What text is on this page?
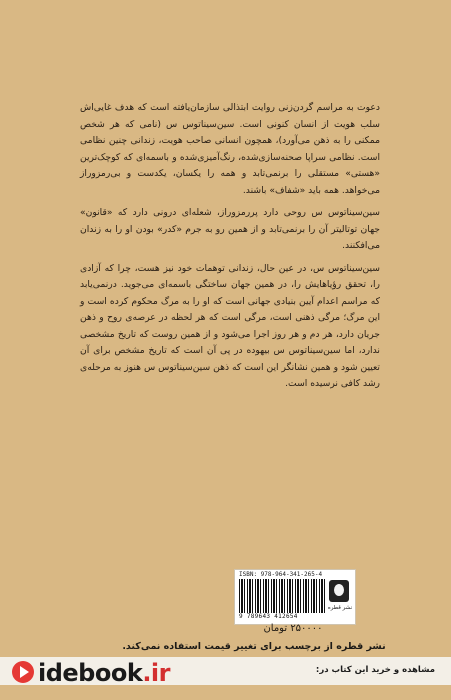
دعوت به مراسم گردن‌زنی روایت ابتذالی سازمان‌یافته است که هدف غایی‌اش سلب هویت از انسان کنونی است. سین‌سیناتوس س (نامی که هر شخص ممکنی را به ذهن می‌آورد)، همچون انسانی صاحب هویت، زندانی چنین نظامی است. نظامی سراپا صحنه‌سازی‌شده، رنگ‌آمیزی‌شده و باسمه‌ای که کوچک‌ترین «هستی» مستقلی را برنمی‌تابد و همه را یکسان، یکدست و بی‌رمزوراز می‌خواهد. همه باید «شفاف» باشند.

سین‌سیناتوس س روحی دارد پررمزوراز، شعله‌ای درونی دارد که «قانون» جهان توتالیتر آن را برنمی‌تابد و از همین رو به جرم «کدر» بودن او را به زندان می‌افکنند.

سین‌سیناتوس س، در عین حال، زندانی توهمات خود نیز هست، چرا که آزادی را، تحقق رؤیاهایش را، در همین جهان ساختگی باسمه‌ای می‌جوید. درنمی‌یابد که مراسم اعدام آیین بنیادی جهانی است که او را به مرگ محکوم کرده است و این مرگ؛ مرگی ذهنی است، مرگی است که هر لحظه در عرصه‌ی روح و ذهن جریان دارد، هر دم و هر روز اجرا می‌شود و از همین روست که تاریخ مشخصی ندارد، اما سین‌سیناتوس س بیهوده در پی آن است که تاریخ مشخص برای آن تعیین شود و همین نشانگر این است که ذهن سین‌سیناتوس س هنوز به مرحله‌ی رشد کافی نرسیده است.

ISBN: 978-964-341-265-4
9 789643 412654
نشر قطره
۲۵۰۰۰۰ تومان
نشر قطره از برچسب برای تغییر قیمت استفاده نمی‌کند.
idebook.ir	مشاهده و خرید این کتاب در:
